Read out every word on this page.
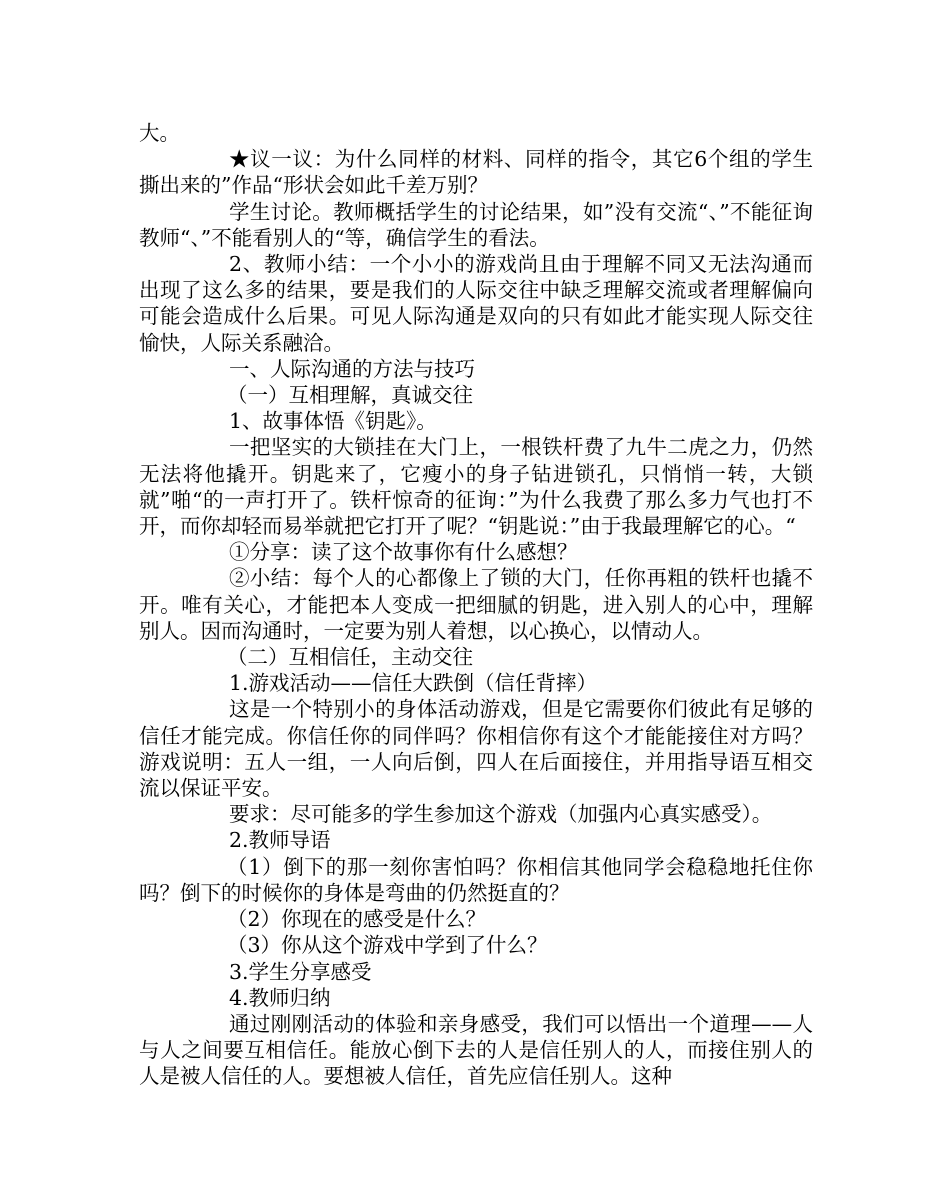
大。

★议一议：为什么同样的材料、同样的指令，其它6个组的学生撕出来的”作品“形状会如此千差万别？

学生讨论。教师概括学生的讨论结果，如”没有交流“、”不能征询教师“、”不能看别人的“等，确信学生的看法。

2、教师小结：一个小小的游戏尚且由于理解不同又无法沟通而出现了这么多的结果，要是我们的人际交往中缺乏理解交流或者理解偏向可能会造成什么后果。可见人际沟通是双向的只有如此才能实现人际交往愉快，人际关系融洽。

一、人际沟通的方法与技巧

（一）互相理解，真诚交往

1、故事体悟《钥匙》。

一把坚实的大锁挂在大门上，一根铁杆费了九牛二虎之力，仍然无法将他撬开。钥匙来了，它瘦小的身子钻进锁孔，只悄悄一转，大锁就”啪“的一声打开了。铁杆惊奇的征询：”为什么我费了那么多力气也打不开，而你却轻而易举就把它打开了呢？“钥匙说：”由于我最理解它的心。“

①分享：读了这个故事你有什么感想？

②小结：每个人的心都像上了锁的大门，任你再粗的铁杆也撬不开。唯有关心，才能把本人变成一把细腻的钥匙，进入别人的心中，理解别人。因而沟通时，一定要为别人着想，以心换心，以情动人。

（二）互相信任，主动交往

1.游戏活动——信任大跌倒（信任背摔）

这是一个特别小的身体活动游戏，但是它需要你们彼此有足够的信任才能完成。你信任你的同伴吗？你相信你有这个才能能接住对方吗？游戏说明：五人一组，一人向后倒，四人在后面接住，并用指导语互相交流以保证平安。

要求：尽可能多的学生参加这个游戏（加强内心真实感受）。

2.教师导语

（1）倒下的那一刻你害怕吗？你相信其他同学会稳稳地托住你吗？倒下的时候你的身体是弯曲的仍然挺直的？

（2）你现在的感受是什么？

（3）你从这个游戏中学到了什么？

3.学生分享感受

4.教师归纳

通过刚刚活动的体验和亲身感受，我们可以悟出一个道理——人与人之间要互相信任。能放心倒下去的人是信任别人的人，而接住别人的人是被人信任的人。要想被人信任，首先应信任别人。这种
